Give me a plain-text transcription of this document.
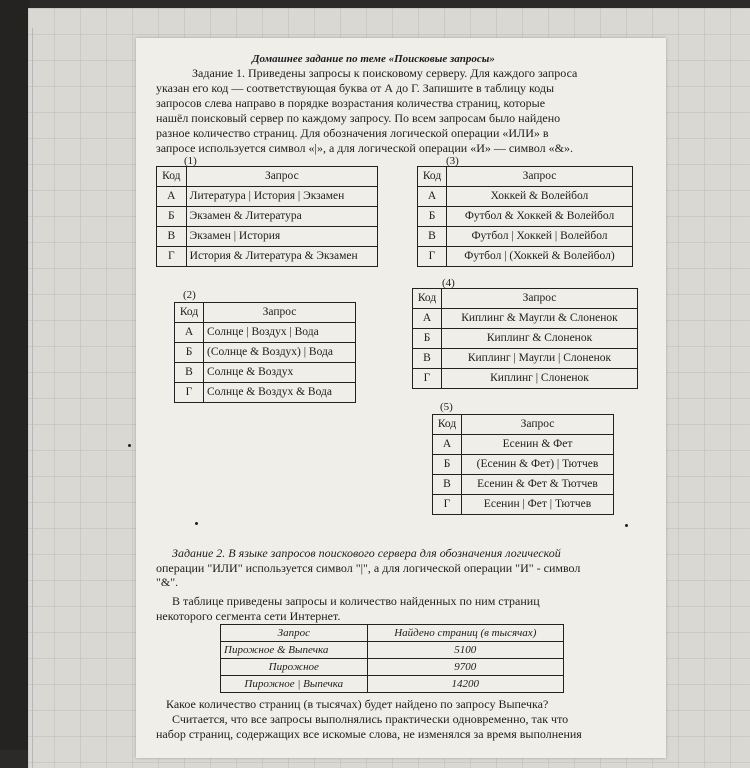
Домашнее задание по теме «Поисковые запросы»
Задание 1. Приведены запросы к поисковому серверу. Для каждого запроса
указан его код — соответствующая буква от А до Г. Запишите в таблицу коды
запросов слева направо в порядке возрастания количества страниц, которые
нашёл поисковый сервер по каждому запросу. По всем запросам было найдено
разное количество страниц. Для обозначения логической операции «ИЛИ» в
запросе используется символ «|», а для логической операции «И» — символ «&».
(1)
Код	Запрос
А	Литература | История | Экзамен
Б	Экзамен & Литература
В	Экзамен | История
Г	История & Литература & Экзамен
(3)
Код	Запрос
А	Хоккей & Волейбол
Б	Футбол & Хоккей & Волейбол
В	Футбол | Хоккей | Волейбол
Г	Футбол | (Хоккей & Волейбол)
(2)
Код	Запрос
А	Солнце | Воздух | Вода
Б	(Солнце & Воздух) | Вода
В	Солнце & Воздух
Г	Солнце & Воздух & Вода
(4)
Код	Запрос
А	Киплинг & Маугли & Слоненок
Б	Киплинг & Слоненок
В	Киплинг | Маугли | Слоненок
Г	Киплинг | Слоненок
(5)
Код	Запрос
А	Есенин & Фет
Б	(Есенин & Фет) | Тютчев
В	Есенин & Фет & Тютчев
Г	Есенин | Фет | Тютчев
Задание 2. В языке запросов поискового сервера для обозначения логической
операции "ИЛИ" используется символ "|", а для логической операции "И" - символ
"&".
В таблице приведены запросы и количество найденных по ним страниц
некоторого сегмента сети Интернет.
Запрос	Найдено страниц (в тысячах)
Пирожное & Выпечка	5100
Пирожное	9700
Пирожное | Выпечка	14200
Какое количество страниц (в тысячах) будет найдено по запросу Выпечка?
Считается, что все запросы выполнялись практически одновременно, так что
набор страниц, содержащих все искомые слова, не изменялся за время выполнения
